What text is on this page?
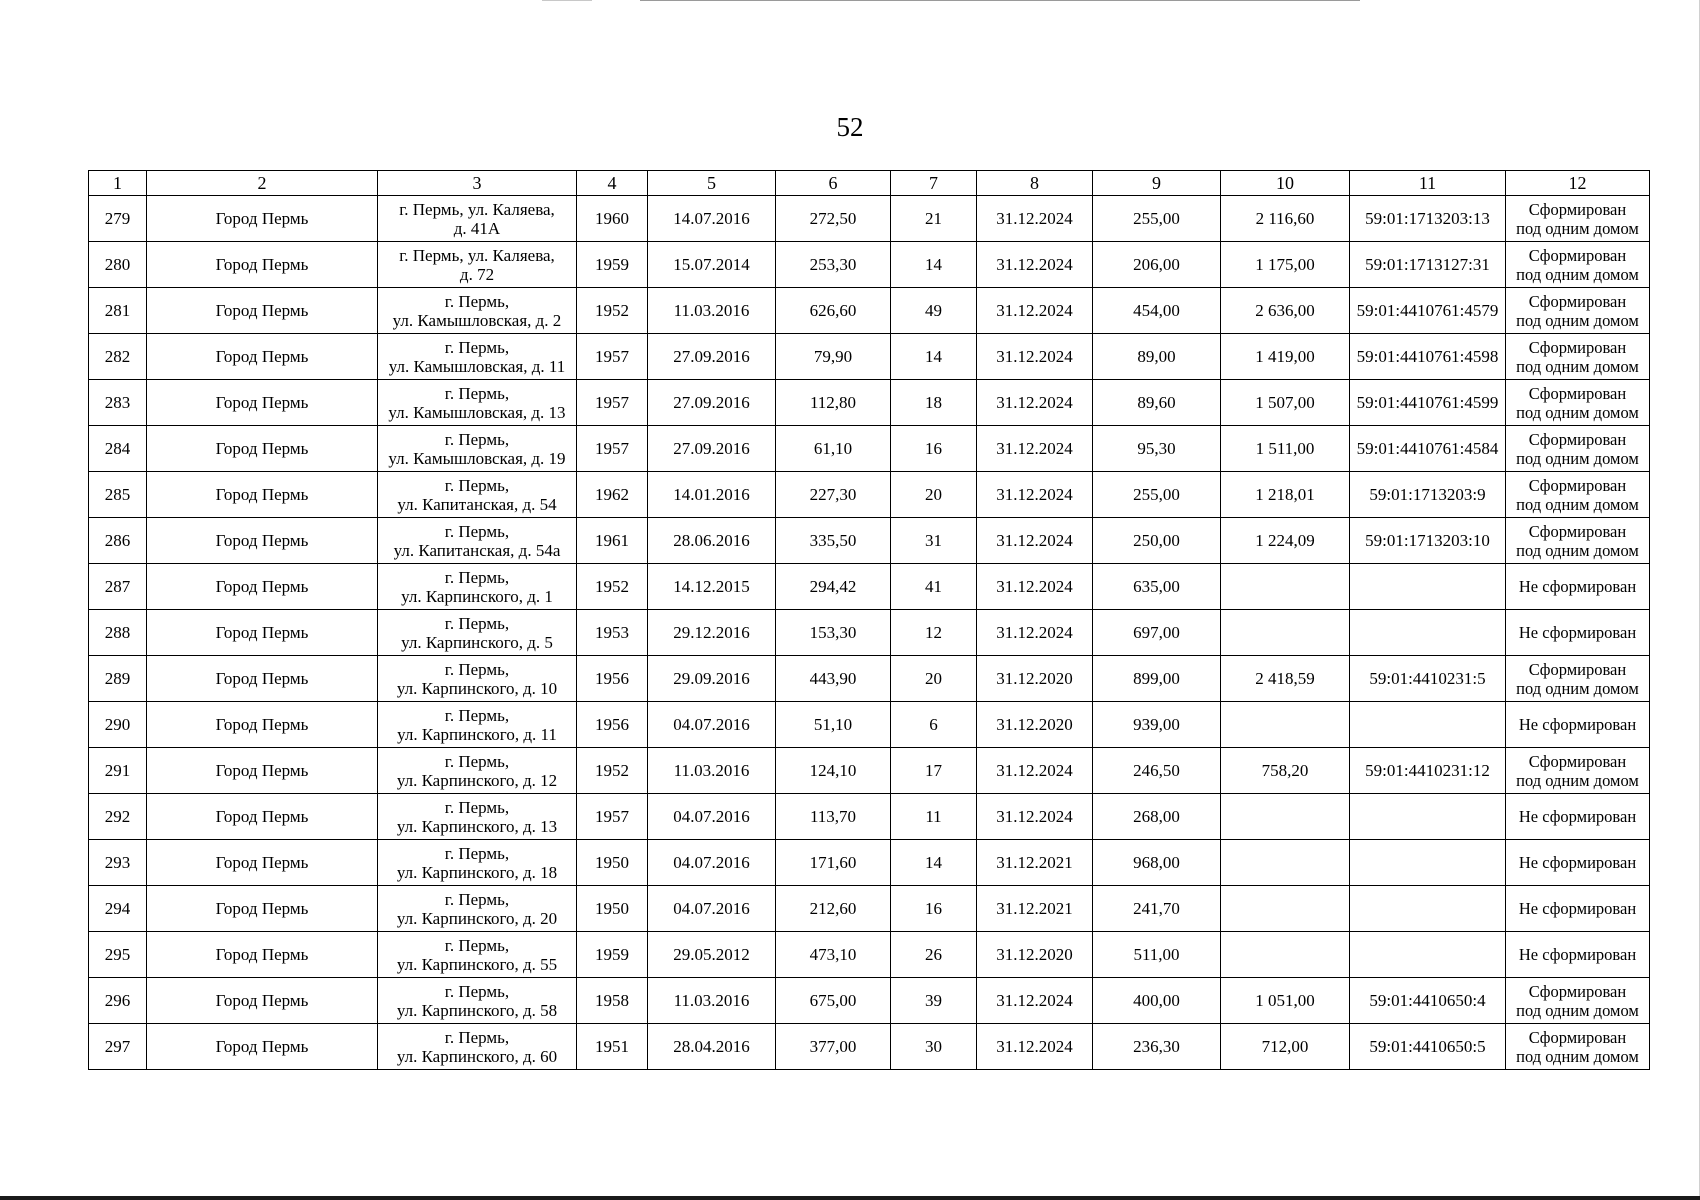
52
1	2	3	4	5	6	7	8	9	10	11	12
279	Город Пермь	г. Пермь, ул. Каляева,
д. 41А	1960	14.07.2016	272,50	21	31.12.2024	255,00	2 116,60	59:01:1713203:13	Сформирован
под одним домом

280	Город Пермь	г. Пермь, ул. Каляева,
д. 72	1959	15.07.2014	253,30	14	31.12.2024	206,00	1 175,00	59:01:1713127:31	Сформирован
под одним домом

281	Город Пермь	г. Пермь,
ул. Камышловская, д. 2	1952	11.03.2016	626,60	49	31.12.2024	454,00	2 636,00	59:01:4410761:4579	Сформирован
под одним домом

282	Город Пермь	г. Пермь,
ул. Камышловская, д. 11	1957	27.09.2016	79,90	14	31.12.2024	89,00	1 419,00	59:01:4410761:4598	Сформирован
под одним домом

283	Город Пермь	г. Пермь,
ул. Камышловская, д. 13	1957	27.09.2016	112,80	18	31.12.2024	89,60	1 507,00	59:01:4410761:4599	Сформирован
под одним домом

284	Город Пермь	г. Пермь,
ул. Камышловская, д. 19	1957	27.09.2016	61,10	16	31.12.2024	95,30	1 511,00	59:01:4410761:4584	Сформирован
под одним домом

285	Город Пермь	г. Пермь,
ул. Капитанская, д. 54	1962	14.01.2016	227,30	20	31.12.2024	255,00	1 218,01	59:01:1713203:9	Сформирован
под одним домом

286	Город Пермь	г. Пермь,
ул. Капитанская, д. 54а	1961	28.06.2016	335,50	31	31.12.2024	250,00	1 224,09	59:01:1713203:10	Сформирован
под одним домом

287	Город Пермь	г. Пермь,
ул. Карпинского, д. 1	1952	14.12.2015	294,42	41	31.12.2024	635,00			Не сформирован

288	Город Пермь	г. Пермь,
ул. Карпинского, д. 5	1953	29.12.2016	153,30	12	31.12.2024	697,00			Не сформирован

289	Город Пермь	г. Пермь,
ул. Карпинского, д. 10	1956	29.09.2016	443,90	20	31.12.2020	899,00	2 418,59	59:01:4410231:5	Сформирован
под одним домом

290	Город Пермь	г. Пермь,
ул. Карпинского, д. 11	1956	04.07.2016	51,10	6	31.12.2020	939,00			Не сформирован

291	Город Пермь	г. Пермь,
ул. Карпинского, д. 12	1952	11.03.2016	124,10	17	31.12.2024	246,50	758,20	59:01:4410231:12	Сформирован
под одним домом

292	Город Пермь	г. Пермь,
ул. Карпинского, д. 13	1957	04.07.2016	113,70	11	31.12.2024	268,00			Не сформирован

293	Город Пермь	г. Пермь,
ул. Карпинского, д. 18	1950	04.07.2016	171,60	14	31.12.2021	968,00			Не сформирован

294	Город Пермь	г. Пермь,
ул. Карпинского, д. 20	1950	04.07.2016	212,60	16	31.12.2021	241,70			Не сформирован

295	Город Пермь	г. Пермь,
ул. Карпинского, д. 55	1959	29.05.2012	473,10	26	31.12.2020	511,00			Не сформирован

296	Город Пермь	г. Пермь,
ул. Карпинского, д. 58	1958	11.03.2016	675,00	39	31.12.2024	400,00	1 051,00	59:01:4410650:4	Сформирован
под одним домом

297	Город Пермь	г. Пермь,
ул. Карпинского, д. 60	1951	28.04.2016	377,00	30	31.12.2024	236,30	712,00	59:01:4410650:5	Сформирован
под одним домом
